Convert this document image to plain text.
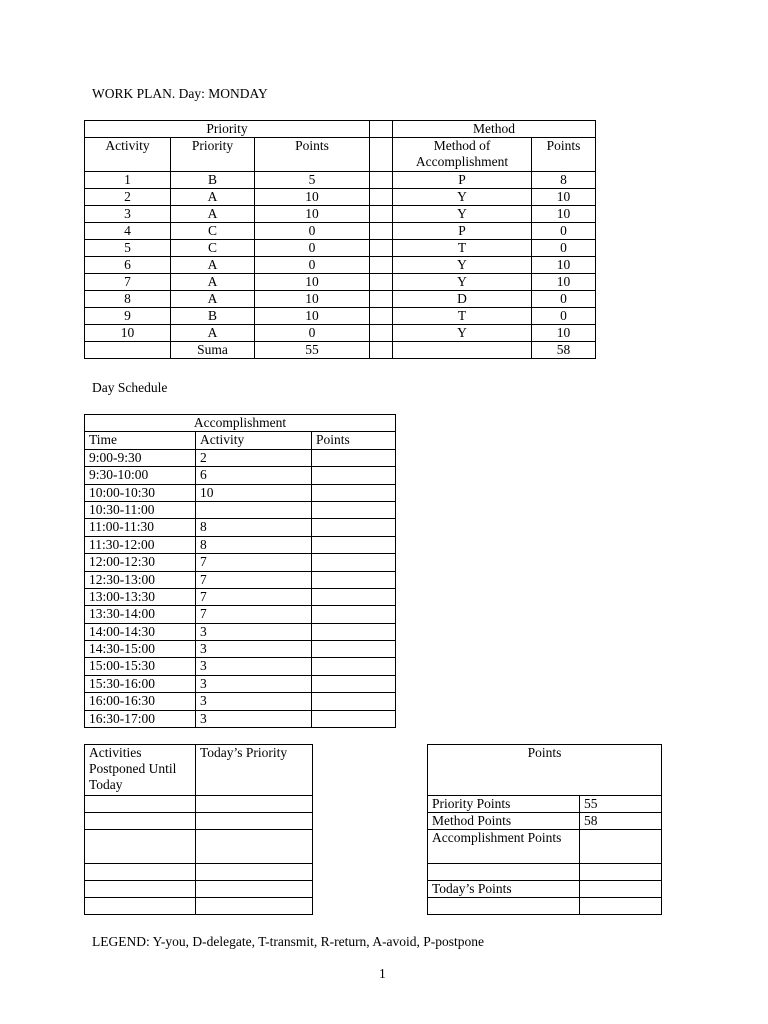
WORK PLAN. Day: MONDAY
Priority				Method	
Activity	Priority	Points		Method of Accomplishment	Points
1	B	5		P	8
2	A	10		Y	10
3	A	10		Y	10
4	C	0		P	0
5	C	0		T	0
6	A	0		Y	10
7	A	10		Y	10
8	A	10		D	0
9	B	10		T	0
10	A	0		Y	10
	Suma	55			58
Day Schedule
Accomplishment		
Time	Activity	Points
9:00-9:30	2	
9:30-10:00	6	
10:00-10:30	10	
10:30-11:00		
11:00-11:30	8	
11:30-12:00	8	
12:00-12:30	7	
12:30-13:00	7	
13:00-13:30	7	
13:30-14:00	7	
14:00-14:30	3	
14:30-15:00	3	
15:00-15:30	3	
15:30-16:00	3	
16:00-16:30	3	
16:30-17:00	3	
Activities Postponed Until Today	Today’s Priority

		Points	
Priority Points	55
Method Points	58
Accomplishment Points	

Today’s Points	

LEGEND: Y-you, D-delegate, T-transmit, R-return, A-avoid, P-postpone
1
